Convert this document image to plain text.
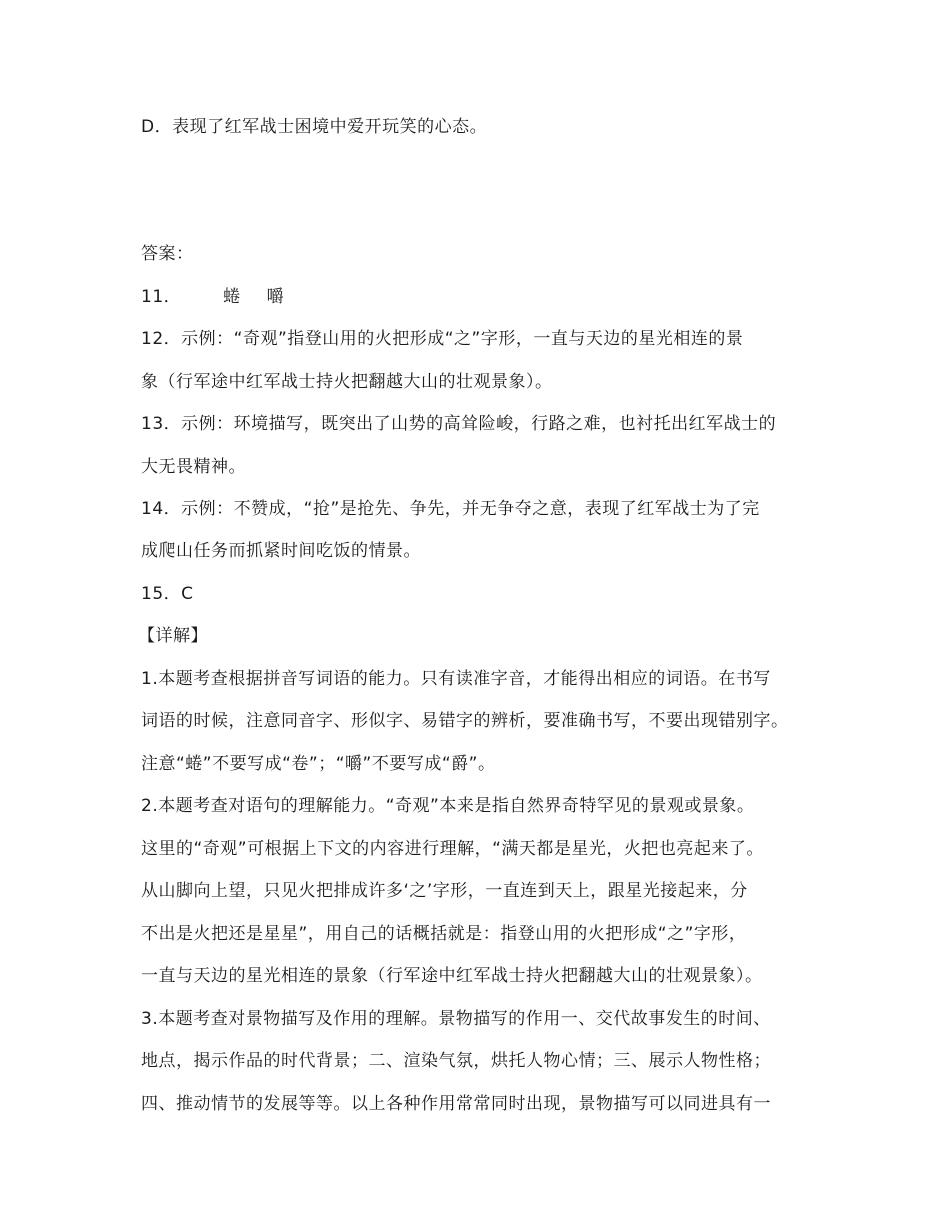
D．表现了红军战士困境中爱开玩笑的心态。
答案：
11． 蜷 嚼
12．示例：“奇观”指登山用的火把形成“之”字形，一直与天边的星光相连的景
象（行军途中红军战士持火把翻越大山的壮观景象）。
13．示例：环境描写，既突出了山势的高耸险峻，行路之难，也衬托出红军战士的
大无畏精神。
14．示例：不赞成，“抢”是抢先、争先，并无争夺之意，表现了红军战士为了完
成爬山任务而抓紧时间吃饭的情景。
15．C
【详解】
1.本题考查根据拼音写词语的能力。只有读准字音，才能得出相应的词语。在书写
词语的时候，注意同音字、形似字、易错字的辨析，要准确书写，不要出现错别字。
注意“蜷”不要写成“卷”；“嚼”不要写成“爵”。
2.本题考查对语句的理解能力。“奇观”本来是指自然界奇特罕见的景观或景象。
这里的“奇观”可根据上下文的内容进行理解，“满天都是星光，火把也亮起来了。
从山脚向上望，只见火把排成许多‘之’字形，一直连到天上，跟星光接起来，分
不出是火把还是星星”，用自己的话概括就是：指登山用的火把形成“之”字形，
一直与天边的星光相连的景象（行军途中红军战士持火把翻越大山的壮观景象）。
3.本题考查对景物描写及作用的理解。景物描写的作用一、交代故事发生的时间、
地点，揭示作品的时代背景；二、渲染气氛，烘托人物心情；三、展示人物性格；
四、推动情节的发展等等。以上各种作用常常同时出现，景物描写可以同进具有一
